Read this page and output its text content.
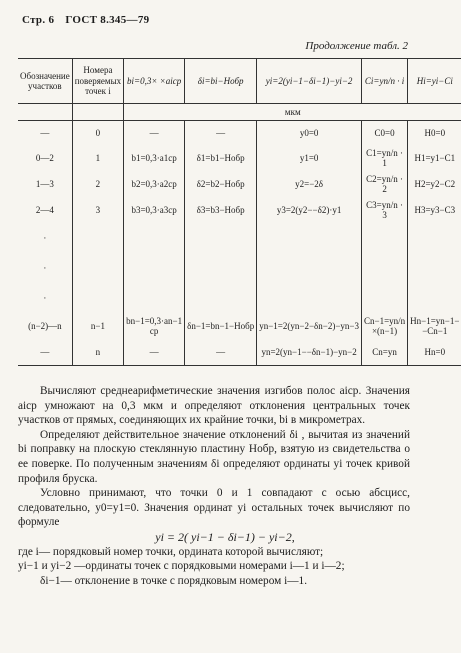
Стр. 6 ГОСТ 8.345—79
Продолжение табл. 2
Обозначение участков	Номера поверяемых точек i	bi=0,3× ×aiср	δi=bi−Hобр	yi=2(yi−1−δi−1)−yi−2	Ci=yn/n · i	Hi=yi−Ci
		мкм				
—	0	—	—	y0=0	C0=0	H0=0
0—2	1	b1=0,3·a1ср	δ1=b1−Hобр	y1=0	C1=yn/n · 1	H1=y1−C1
1—3	2	b2=0,3·a2ср	δ2=b2−Hобр	y2=−2δ	C2=yn/n · 2	H2=y2−C2
2—4	3	b3=0,3·a3ср	δ3=b3−Hобр	y3=2(y2−−δ2)·y1	C3=yn/n · 3	H3=y3−C3
·						
·						
·						
(n−2)—n	n−1	bn−1=0,3·an−1 ср	δn−1=bn−1−Hобр	yn−1=2(yn−2−δn−2)−yn−3	Cn−1=yn/n ×(n−1)	Hn−1=yn−1−−Cn−1
—	n	—	—	yn=2(yn−1−−δn−1)−yn−2	Cn=yn	Hn=0

Вычисляют среднеарифметические значения изгибов полос aiср. Значения aiср умножают на 0,3 мкм и определяют отклонения центральных точек участков от прямых, соединяющих их крайние точки, bi в микрометрах.

Определяют действительное значение отклонений δi , вычитая из значений bi поправку на плоскую стеклянную пластину Hобр, взятую из свидетельства о ее поверке. По полученным значениям δi определяют ординаты yi точек кривой профиля бруска.

Условно принимают, что точки 0 и 1 совпадают с осью абсцисс, следовательно, y0=y1=0. Значения ординат yi остальных точек вычисляют по формуле

yi = 2( yi−1 − δi−1) − yi−2,

где i— порядковый номер точки, ордината которой вычисляют;

yi−1 и yi−2 —ординаты точек с порядковыми номерами i—1 и i—2;

δi−1— отклонение в точке с порядковым номером i—1.
